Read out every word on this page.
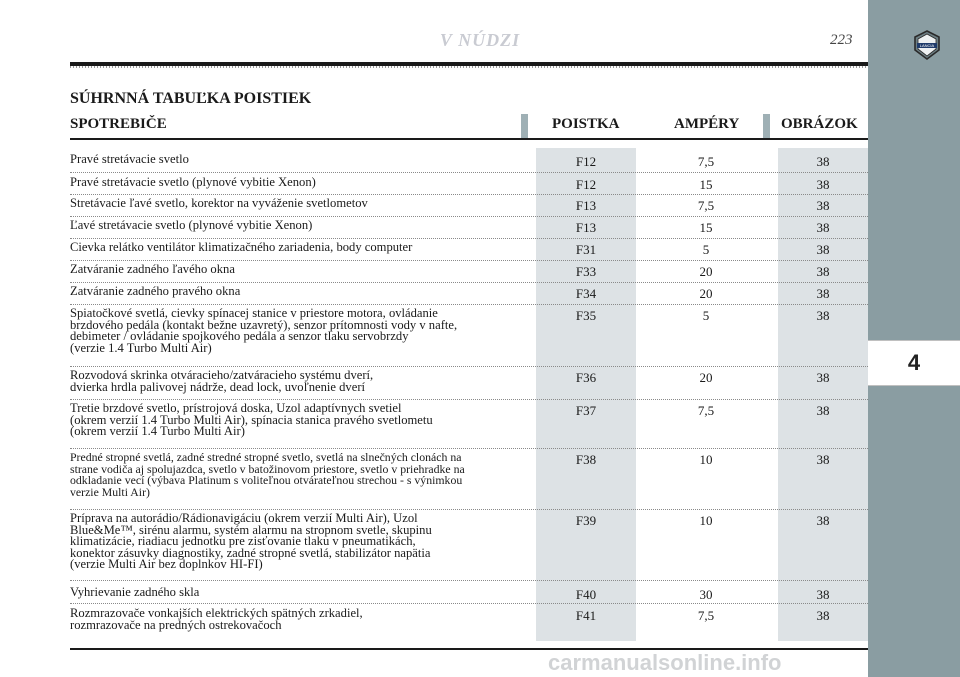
LANCIA
4
V NÚDZI	223
SÚHRNNÁ TABUĽKA POISTIEK
SPOTREBIČE	POISTKA	AMPÉRY	OBRÁZOK
Pravé stretávacie svetlo	F12	7,5	38
Pravé stretávacie svetlo (plynové vybitie Xenon)	F12	15	38
Stretávacie ľavé svetlo, korektor na vyváženie svetlometov	F13	7,5	38
Ľavé stretávacie svetlo (plynové vybitie Xenon)	F13	15	38
Cievka relátko ventilátor klimatizačného zariadenia, body computer	F31	5	38
Zatváranie zadného ľavého okna	F33	20	38
Zatváranie zadného pravého okna	F34	20	38
Spiatočkové svetlá, cievky spínacej stanice v priestore motora, ovládanie
brzdového pedála (kontakt bežne uzavretý), senzor prítomnosti vody v nafte,
debimeter / ovládanie spojkového pedála a senzor tlaku servobrzdy
(verzie 1.4 Turbo Multi Air)
F35	5	38
Rozvodová skrinka otváracieho/zatváracieho systému dverí,
dvierka hrdla palivovej nádrže, dead lock, uvoľnenie dverí
F36	20	38
Tretie brzdové svetlo, prístrojová doska, Uzol adaptívnych svetiel
(okrem verzií 1.4 Turbo Multi Air), spínacia stanica pravého svetlometu
(okrem verzií 1.4 Turbo Multi Air)
F37	7,5	38
Predné stropné svetlá, zadné stredné stropné svetlo, svetlá na slnečných clonách na
strane vodiča aj spolujazdca, svetlo v batožinovom priestore, svetlo v priehradke na
odkladanie vecí (výbava Platinum s voliteľnou otvárateľnou strechou - s výnimkou
verzie Multi Air)
F38	10	38
Príprava na autorádio/Rádionavigáciu (okrem verzií Multi Air), Uzol
Blue&Me™, sirénu alarmu, systém alarmu na stropnom svetle, skupinu
klimatizácie, riadiacu jednotku pre zisťovanie tlaku v pneumatikách,
konektor zásuvky diagnostiky, zadné stropné svetlá, stabilizátor napätia
(verzie Multi Air bez doplnkov HI-FI)
F39	10	38
Vyhrievanie zadného skla	F40	30	38
Rozmrazovače vonkajších elektrických spätných zrkadiel,
rozmrazovače na predných ostrekovačoch
F41	7,5	38
carmanualsonline.info
